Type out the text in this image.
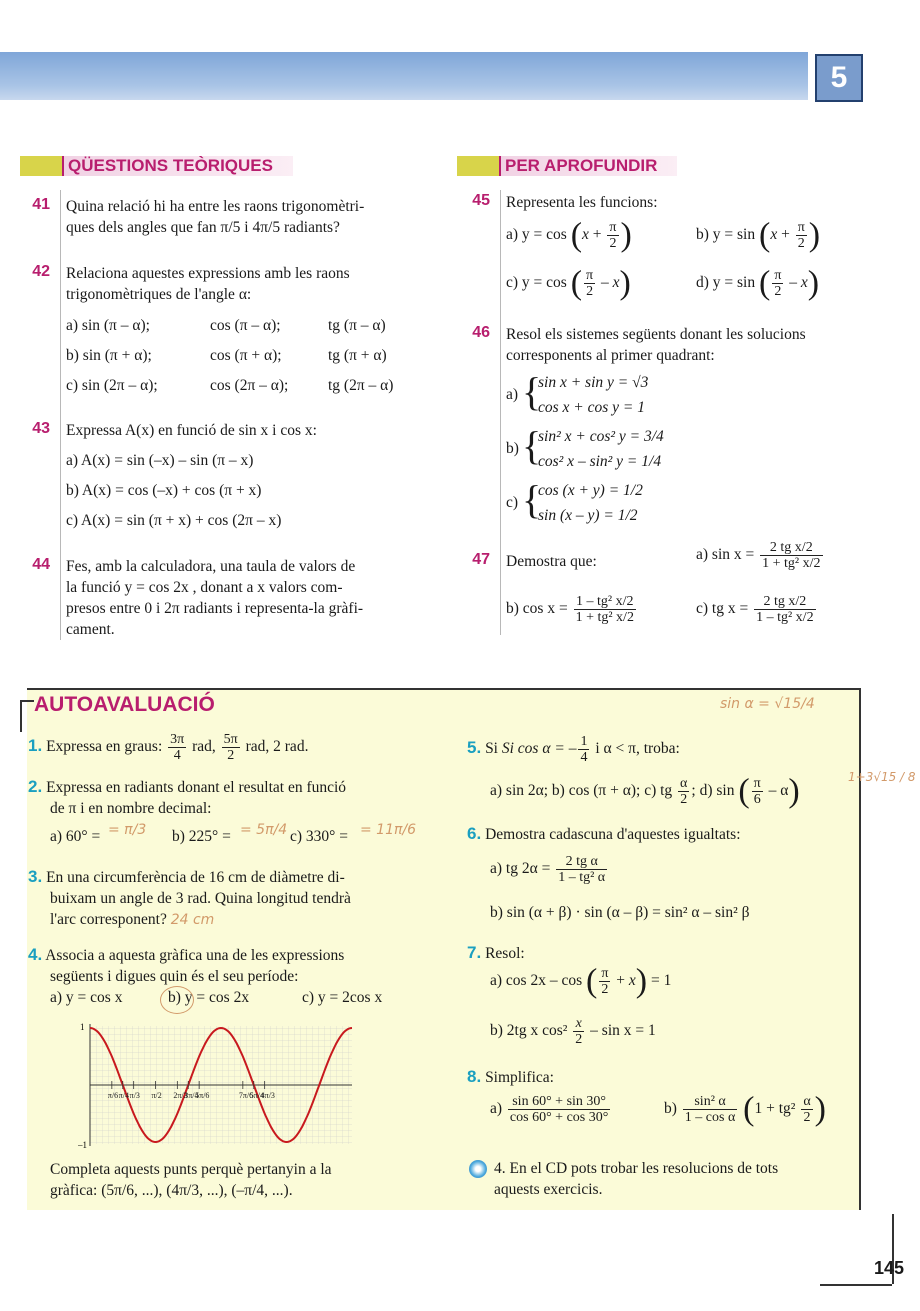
5
QÜESTIONS TEÒRIQUES	PER APROFUNDIR
41 Quina relació hi ha entre les raons trigonomètri-
ques dels angles que fan π/5 i 4π/5 radiants?
42 Relaciona aquestes expressions amb les raons
trigonomètriques de l'angle α:
a) sin (π – α);	cos (π – α);	tg (π – α)
b) sin (π + α);	cos (π + α);	tg (π + α)
c) sin (2π – α);	cos (2π – α);	tg (2π – α)
43 Expressa A(x) en funció de sin x i cos x:
a) A(x) = sin (–x) – sin (π – x)
b) A(x) = cos (–x) + cos (π + x)
c) A(x) = sin (π + x) + cos (2π – x)
44 Fes, amb la calculadora, una taula de valors de
la funció y = cos 2x , donant a x valors com-
presos entre 0 i 2π radiants i representa-la gràfi-
cament.
45 Representa les funcions:
a) $y = \cos (x + \frac{\pi}{2}$ )	b) $y = \sin (x + \frac{\pi}{2}$ )
c) y = cos ( $\frac{\pi}{2} - x$)	d) y = sin ( $\frac{\pi}{2} - x$)
46 Resol els sistemes següents donant les solucions
corresponents al primer quadrant:
a) {
sin x + sin y = √3
cos x + cos y = 1
b) {
sin² x + cos² y = 3/4
cos² x – sin² y = 1/4
c) {
cos (x + y) = 1/2
sin (x – y) = 1/2
47 Demostra que:	a) $\sin x = \frac{\text{2 tg x/2}}{\text{1 + tg² x/2}}$
b) $\cos x = \frac{\text{1 – tg² x/2}}{\text{1 + tg² x/2}}$	c) tg $x = \frac{\text{2 tg x/2}}{\text{1 – tg² x/2}}$
AUTOAVALUACIÓ
1. Expressa en graus: $\frac{3\pi}{4}$ rad, $\frac{5\pi}{2}$ rad, 2 rad.
2. Expressa en radiants donant el resultat en funció
de π i en nombre decimal:
a) 60° = = π/3 b) 225° = = 5π/4 c) 330° = = 11π/6
3. En una circumferència de 16 cm de diàmetre di-
buixam un angle de 3 rad. Quina longitud tendrà
l'arc corresponent? 24 cm
4. Associa a aquesta gràfica una de les expressions
següents i digues quin és el seu període:
a) y = cos x	b) y = cos 2x	c) y = 2cos x
π/6 π/4 π/3 π/2 2π/3
3π/4
5π/6	7π/6
5π/4
4π/3
1
–1
Completa aquests punts perquè pertanyin a la
gràfica: (5π/6, ...), (4π/3, ...), (–π/4, ...).
sin α = √15/4
5. Si Si cos α = – $\frac{1}{4}$ i α < π, troba:
a) sin 2α; b) cos (π + α); c) tg $\frac{\alpha}{2}$ ; d) sin ( $\frac{\pi}{6} - \alpha$)	1+3√15 / 8
6. Demostra cadascuna d'aquestes igualtats:
a) tg $2\alpha = \frac{\text{2 tg α}}{\text{1 – tg² α}}$
b) sin (α + β) · sin (α – β) = sin² α – sin² β
7. Resol:
a) cos 2x – cos ( $\frac{\pi}{2} + x) = 1$
b) 2tg x $\cos^2 \frac{x}{2} - \sin x = 1$
8. Simplifica:
$a) \frac{\sin 60^\circ + \sin 30^\circ}{\cos 60^\circ + \cos 30^\circ}$	$b) \frac{\text{sin² α}}{\text{1 – cos α}} (1 + tg^2 \frac{\alpha}{2}$ )
4. En el CD pots trobar les resolucions de tots
aquests exercicis.
145
